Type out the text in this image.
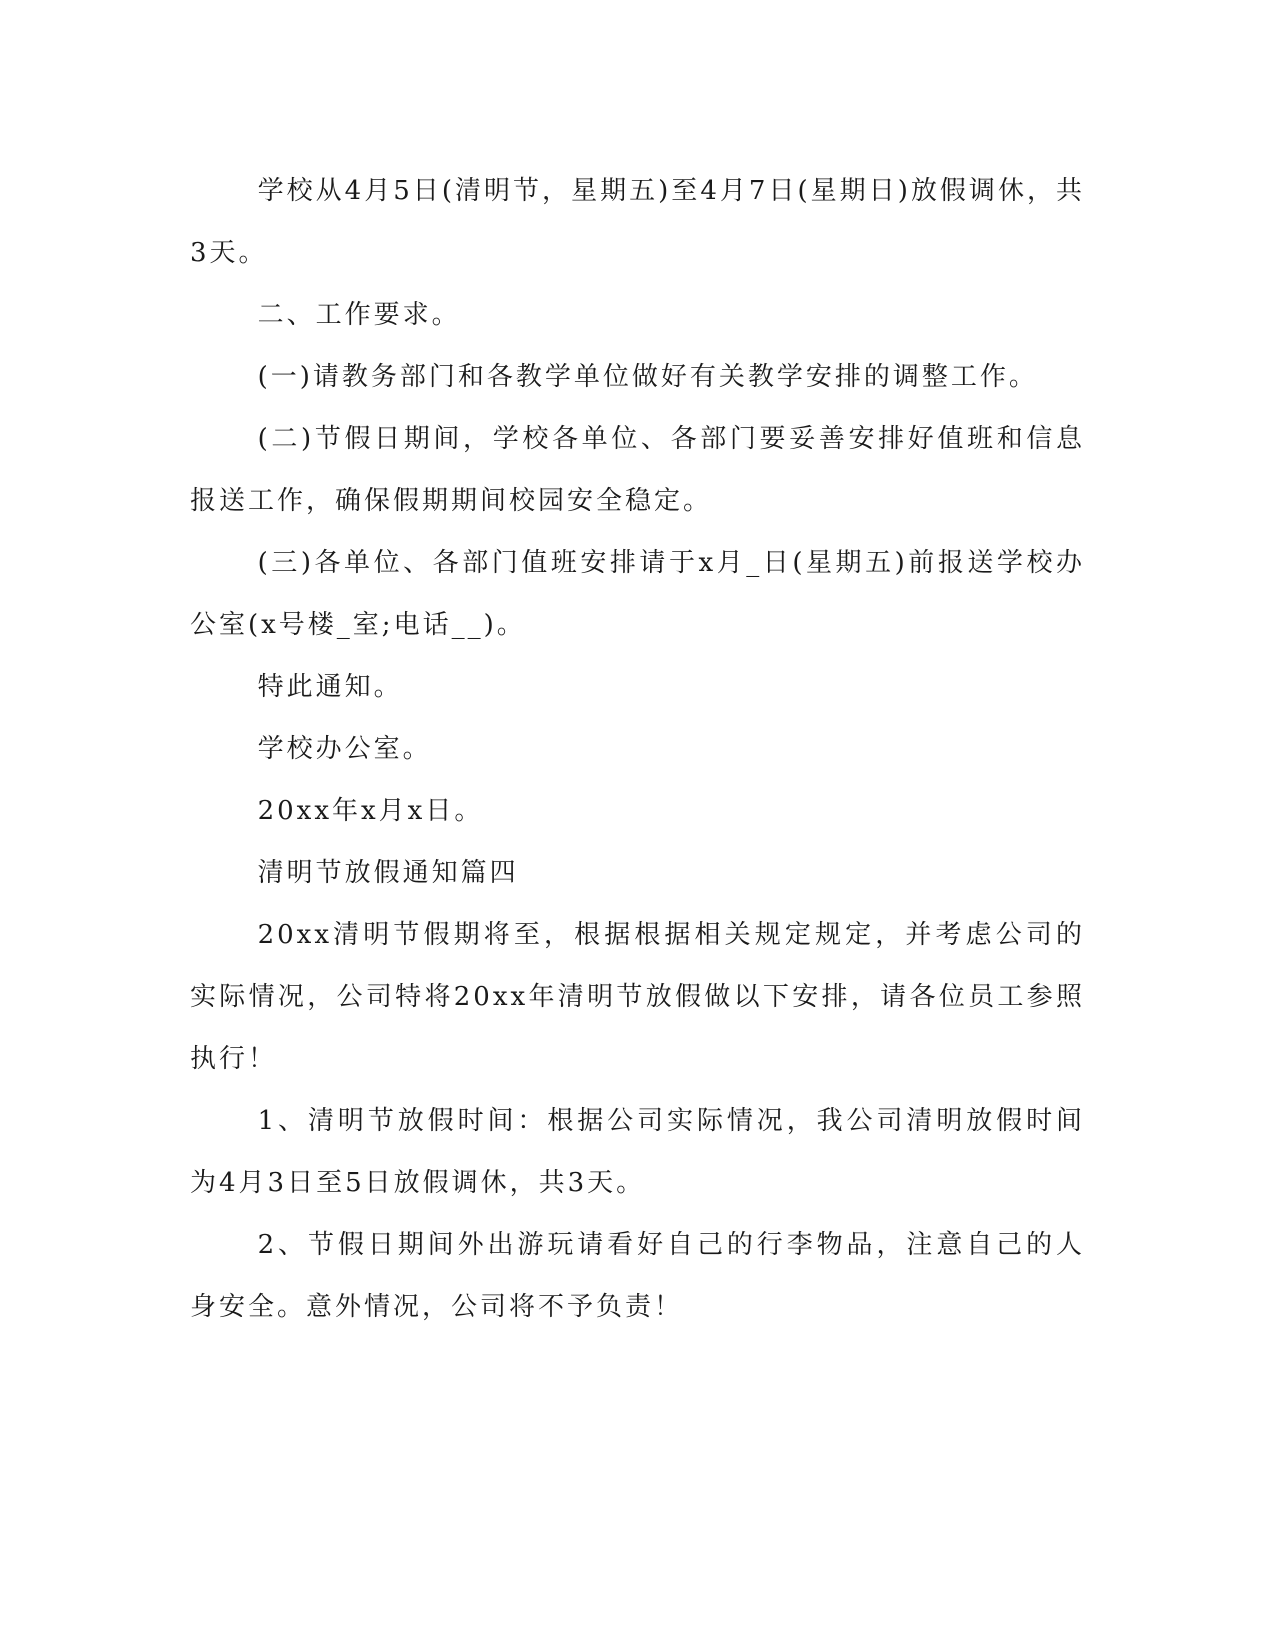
学校从4月5日(清明节，星期五)至4月7日(星期日)放假调休，共3天。

二、工作要求。

(一)请教务部门和各教学单位做好有关教学安排的调整工作。

(二)节假日期间，学校各单位、各部门要妥善安排好值班和信息报送工作，确保假期期间校园安全稳定。

(三)各单位、各部门值班安排请于x月_日(星期五)前报送学校办公室(x号楼_室;电话__)。

特此通知。

学校办公室。

20xx年x月x日。

清明节放假通知篇四

20xx清明节假期将至，根据根据相关规定规定，并考虑公司的实际情况，公司特将20xx年清明节放假做以下安排，请各位员工参照执行！

1、清明节放假时间：根据公司实际情况，我公司清明放假时间为4月3日至5日放假调休，共3天。

2、节假日期间外出游玩请看好自己的行李物品，注意自己的人身安全。意外情况，公司将不予负责！
